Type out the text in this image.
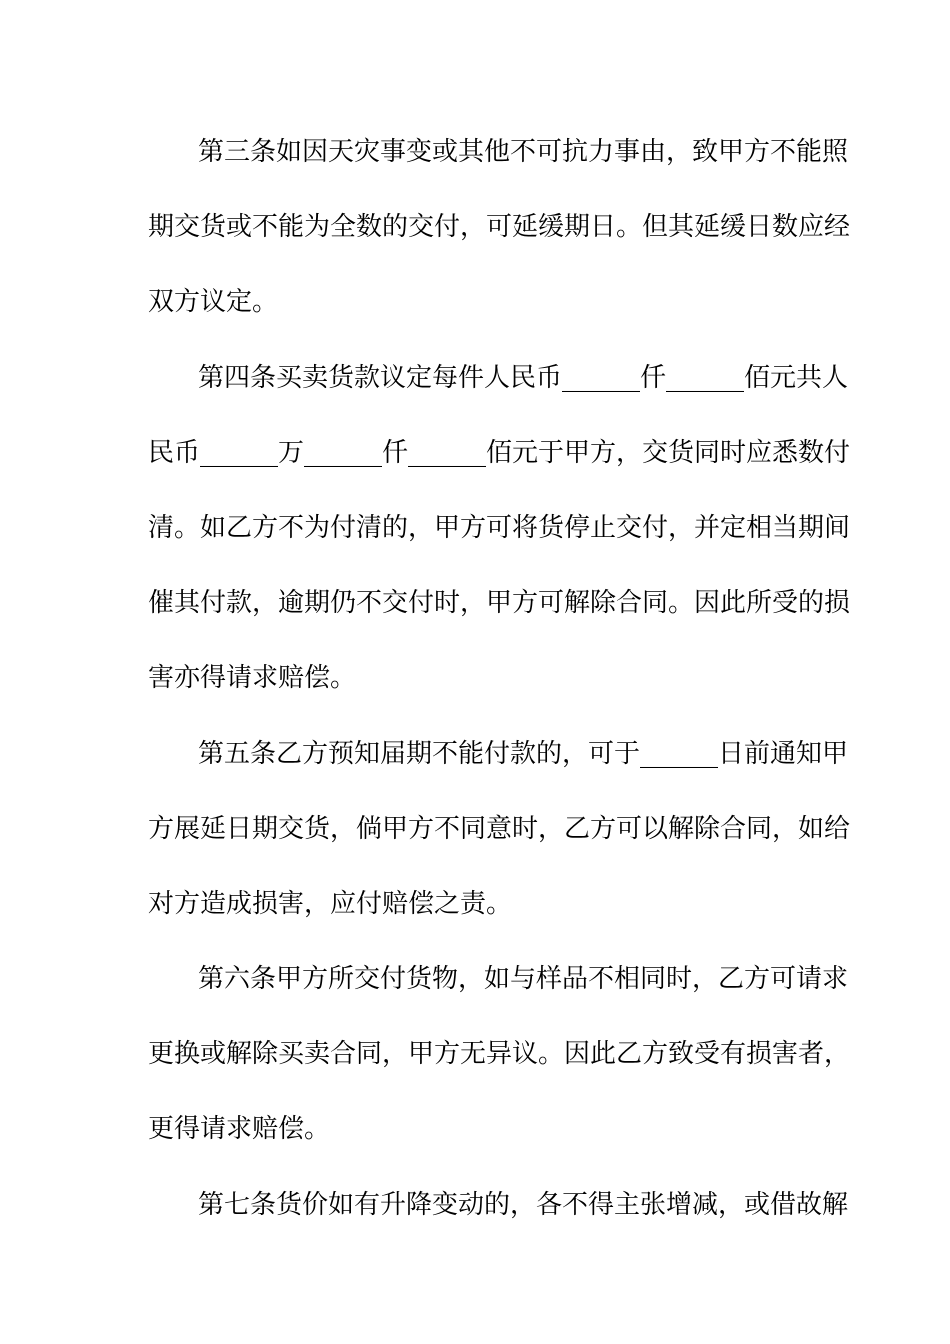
第三条如因天灾事变或其他不可抗力事由，致甲方不能照
期交货或不能为全数的交付，可延缓期日。但其延缓日数应经
双方议定。
第四条买卖货款议定每件人民币______仟______佰元共人
民币______万______仟______佰元于甲方，交货同时应悉数付
清。如乙方不为付清的，甲方可将货停止交付，并定相当期间
催其付款，逾期仍不交付时，甲方可解除合同。因此所受的损
害亦得请求赔偿。
第五条乙方预知届期不能付款的，可于______日前通知甲
方展延日期交货，倘甲方不同意时，乙方可以解除合同，如给
对方造成损害，应付赔偿之责。
第六条甲方所交付货物，如与样品不相同时，乙方可请求
更换或解除买卖合同，甲方无异议。因此乙方致受有损害者，
更得请求赔偿。
第七条货价如有升降变动的，各不得主张增减，或借故解
